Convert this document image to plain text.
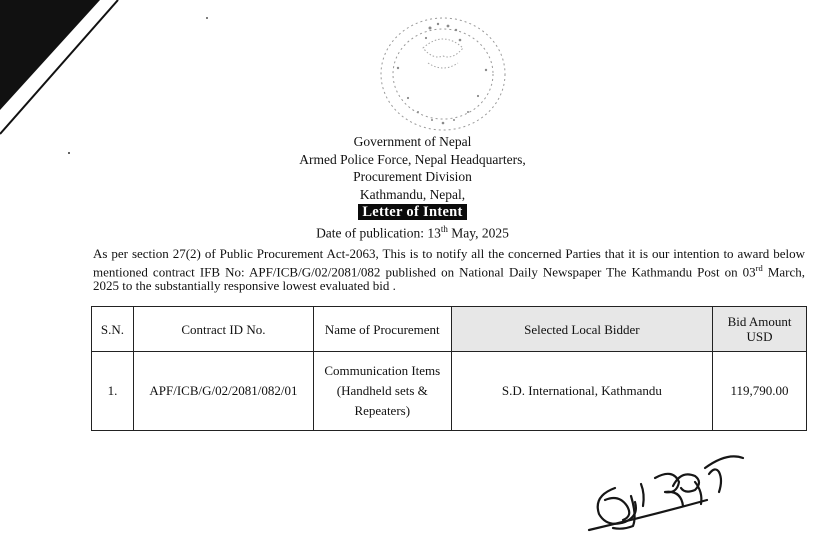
Government of Nepal
Armed Police Force, Nepal Headquarters,
Procurement Division
Kathmandu, Nepal,
Letter of Intent
Date of publication: 13th May, 2025
As per section 27(2) of Public Procurement Act-2063, This is to notify all the concerned Parties that it is our intention to award below mentioned contract IFB No: APF/ICB/G/02/2081/082 published on National Daily Newspaper The Kathmandu Post on 03rd March, 2025 to the substantially responsive lowest evaluated bid .
S.N.	Contract ID No.	Name of Procurement	Selected Local Bidder	Bid Amount USD
1.	APF/ICB/G/02/2081/082/01	Communication Items (Handheld sets & Repeaters)	S.D. International, Kathmandu	119,790.00
